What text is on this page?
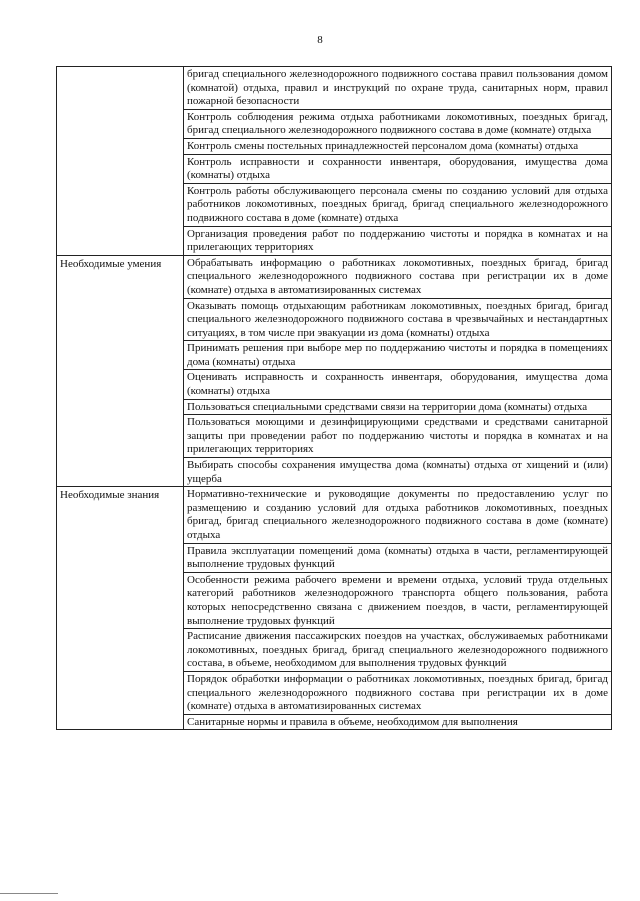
8
	бригад специального железнодорожного подвижного состава правил пользования домом (комнатой) отдыха, правил и инструкций по охране труда, санитарных норм, правил пожарной безопасности
	Контроль соблюдения режима отдыха работниками локомотивных, поездных бригад, бригад специального железнодорожного подвижного состава в доме (комнате) отдыха
	Контроль смены постельных принадлежностей персоналом дома (комнаты) отдыха
	Контроль исправности и сохранности инвентаря, оборудования, имущества дома (комнаты) отдыха
	Контроль работы обслуживающего персонала смены по созданию условий для отдыха работников локомотивных, поездных бригад, бригад специального железнодорожного подвижного состава в доме (комнате) отдыха
	Организация проведения работ по поддержанию чистоты и порядка в комнатах и на прилегающих территориях
Необходимые умения	Обрабатывать информацию о работниках локомотивных, поездных бригад, бригад специального железнодорожного подвижного состава при регистрации их в доме (комнате) отдыха в автоматизированных системах
	Оказывать помощь отдыхающим работникам локомотивных, поездных бригад, бригад специального железнодорожного подвижного состава в чрезвычайных и нестандартных ситуациях, в том числе при эвакуации из дома (комнаты) отдыха
	Принимать решения при выборе мер по поддержанию чистоты и порядка в помещениях дома (комнаты) отдыха
	Оценивать исправность и сохранность инвентаря, оборудования, имущества дома (комнаты) отдыха
	Пользоваться специальными средствами связи на территории дома (комнаты) отдыха
	Пользоваться моющими и дезинфицирующими средствами и средствами санитарной защиты при проведении работ по поддержанию чистоты и порядка в комнатах и на прилегающих территориях
	Выбирать способы сохранения имущества дома (комнаты) отдыха от хищений и (или) ущерба
Необходимые знания	Нормативно-технические и руководящие документы по предоставлению услуг по размещению и созданию условий для отдыха работников локомотивных, поездных бригад, бригад специального железнодорожного подвижного состава в доме (комнате) отдыха
	Правила эксплуатации помещений дома (комнаты) отдыха в части, регламентирующей выполнение трудовых функций
	Особенности режима рабочего времени и времени отдыха, условий труда отдельных категорий работников железнодорожного транспорта общего пользования, работа которых непосредственно связана с движением поездов, в части, регламентирующей выполнение трудовых функций
	Расписание движения пассажирских поездов на участках, обслуживаемых работниками локомотивных, поездных бригад, бригад специального железнодорожного подвижного состава, в объеме, необходимом для выполнения трудовых функций
	Порядок обработки информации о работниках локомотивных, поездных бригад, бригад специального железнодорожного подвижного состава при регистрации их в доме (комнате) отдыха в автоматизированных системах
	Санитарные нормы и правила в объеме, необходимом для выполнения
